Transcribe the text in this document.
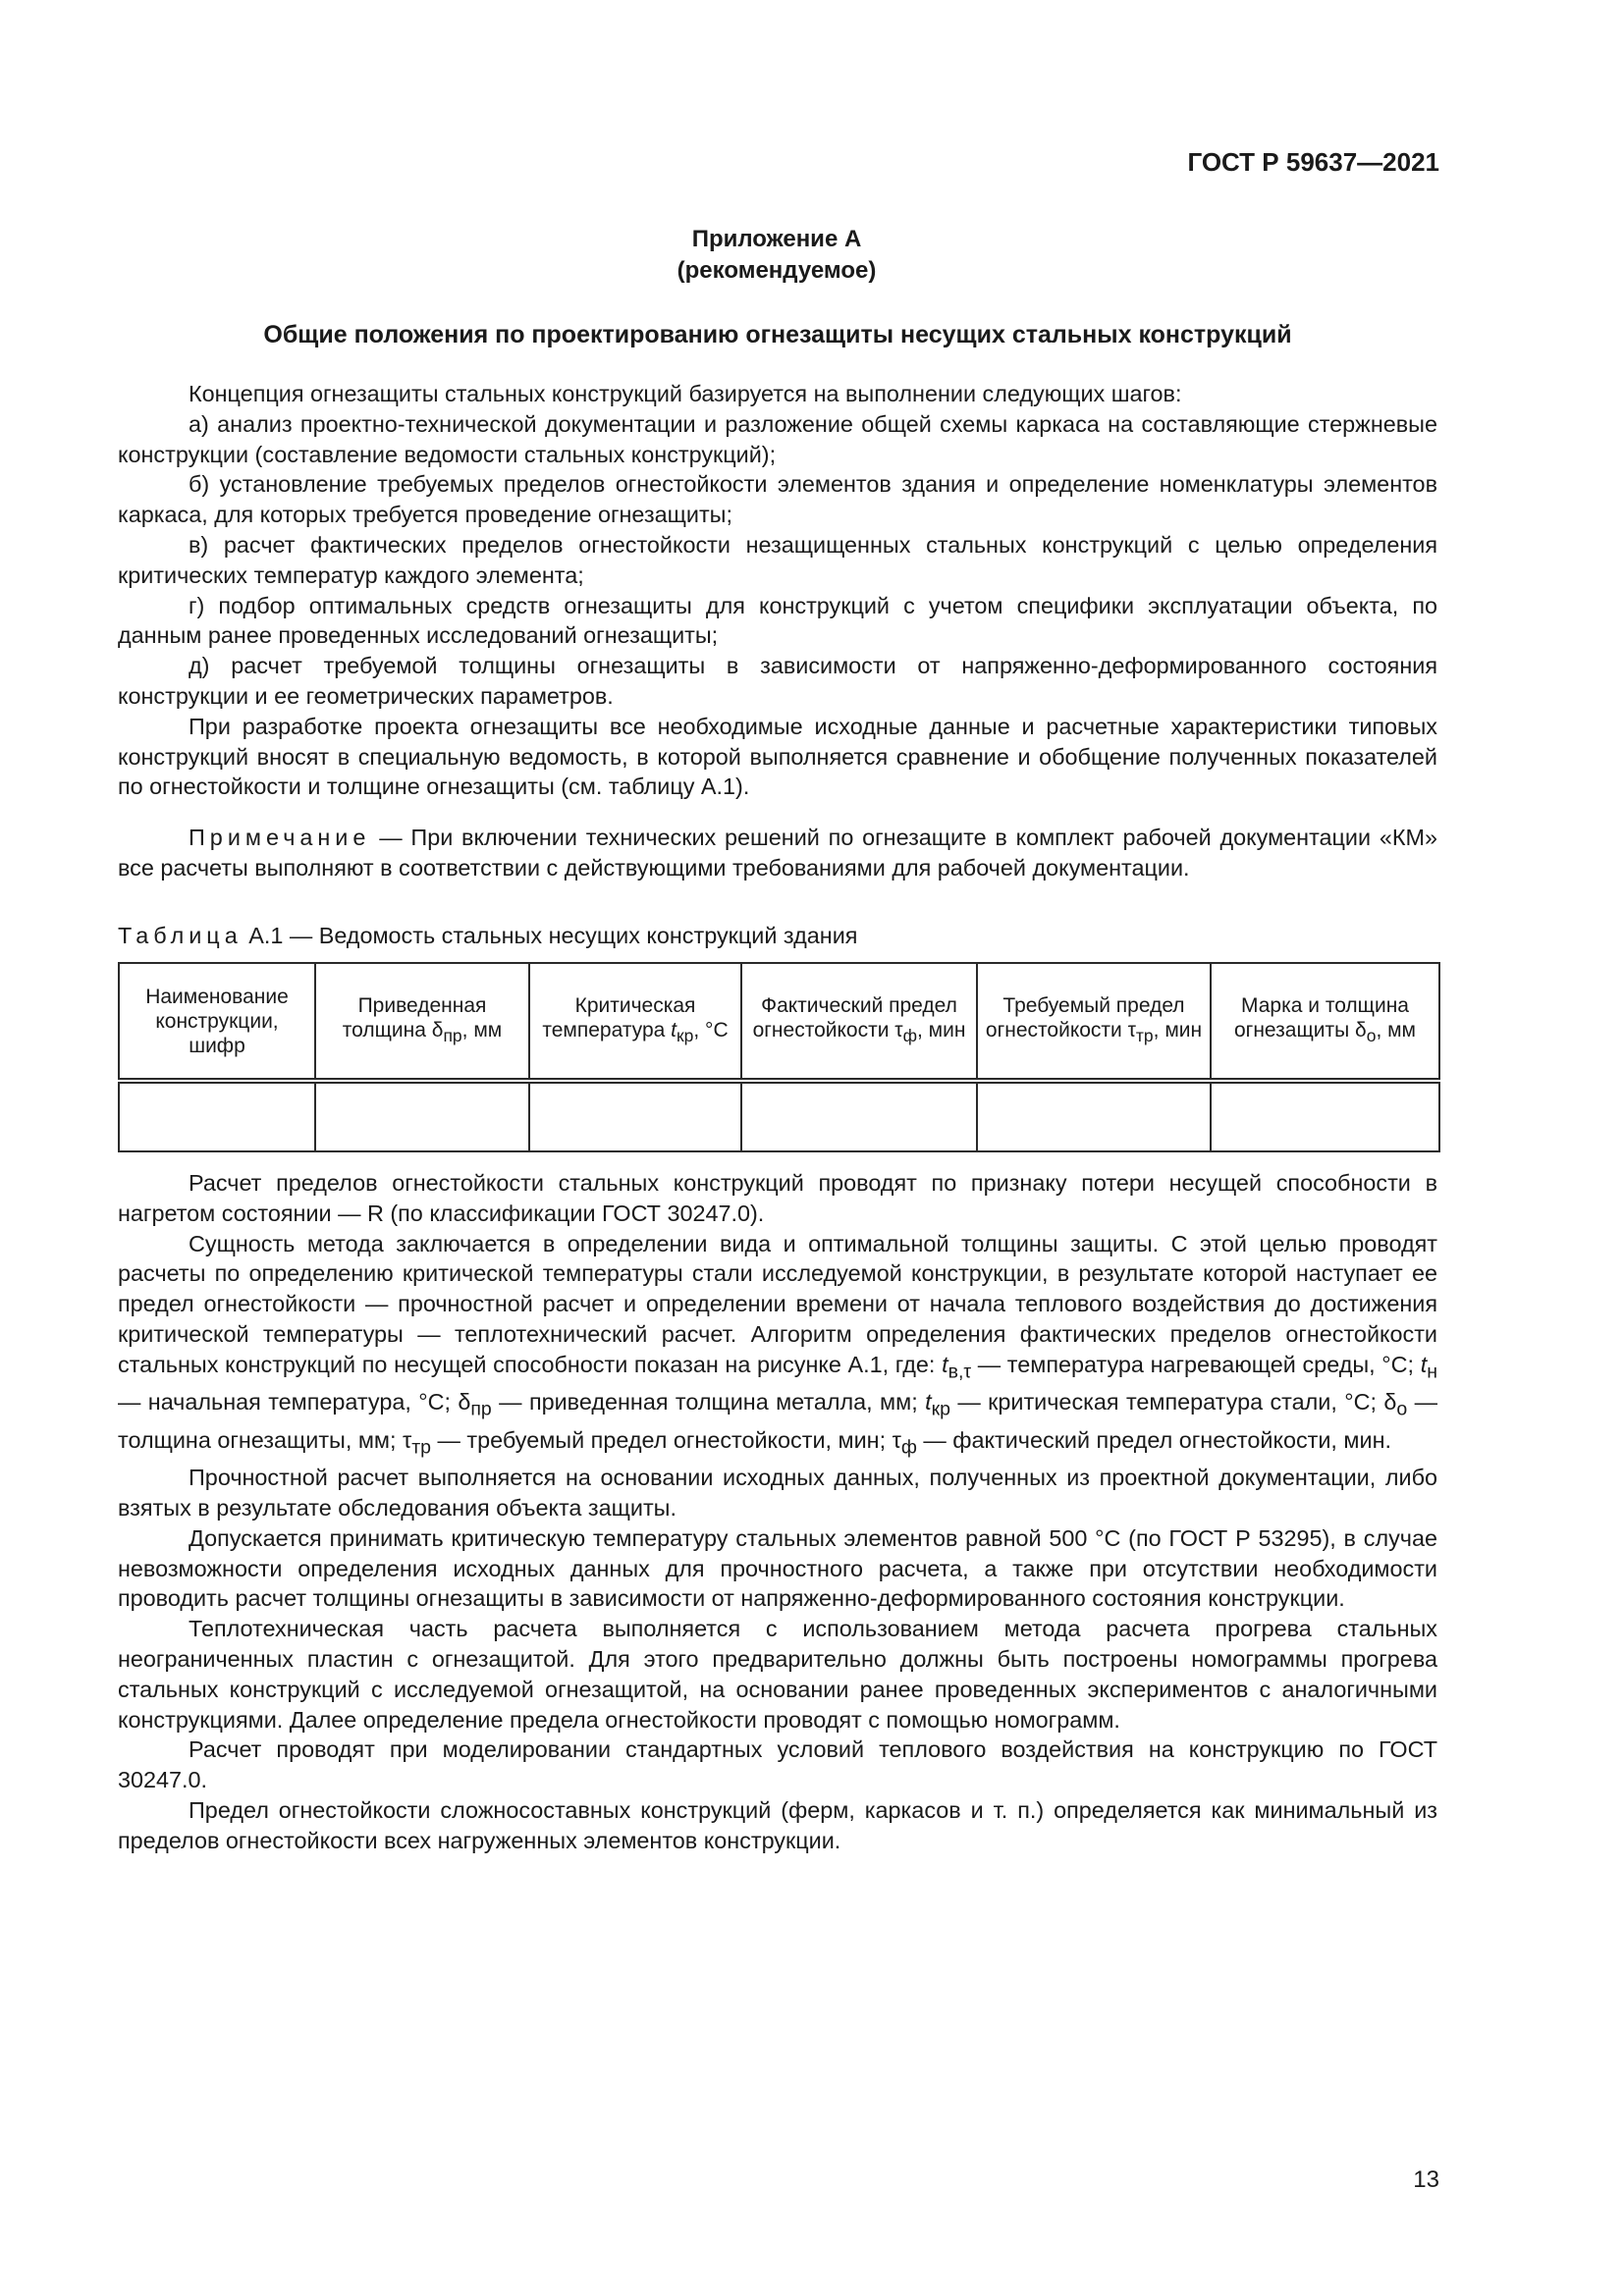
ГОСТ Р 59637—2021
Приложение А
(рекомендуемое)
Общие положения по проектированию огнезащиты несущих стальных конструкций

Концепция огнезащиты стальных конструкций базируется на выполнении следующих шагов:

а) анализ проектно-технической документации и разложение общей схемы каркаса на составляющие стержневые конструкции (составление ведомости стальных конструкций);

б) установление требуемых пределов огнестойкости элементов здания и определение номенклатуры элементов каркаса, для которых требуется проведение огнезащиты;

в) расчет фактических пределов огнестойкости незащищенных стальных конструкций с целью определения критических температур каждого элемента;

г) подбор оптимальных средств огнезащиты для конструкций с учетом специфики эксплуатации объекта, по данным ранее проведенных исследований огнезащиты;

д) расчет требуемой толщины огнезащиты в зависимости от напряженно-деформированного состояния конструкции и ее геометрических параметров.

При разработке проекта огнезащиты все необходимые исходные данные и расчетные характеристики типовых конструкций вносят в специальную ведомость, в которой выполняется сравнение и обобщение полученных показателей по огнестойкости и толщине огнезащиты (см. таблицу А.1).

Примечание — При включении технических решений по огнезащите в комплект рабочей документации «КМ» все расчеты выполняют в соответствии с действующими требованиями для рабочей документации.
Таблица А.1 — Ведомость стальных несущих конструкций здания
Наименование конструкции, шифр	Приведенная толщина $\delta_{пр}$, мм	Критическая температура $t_{кр}$, °С	Фактический предел огнестойкости $\tau_ф$, мин	Требуемый предел огнестойкости $\tau_{тр}$, мин	Марка и толщина огнезащиты $\delta_о$, мм

Расчет пределов огнестойкости стальных конструкций проводят по признаку потери несущей способности в нагретом состоянии — R (по классификации ГОСТ 30247.0).

Сущность метода заключается в определении вида и оптимальной толщины защиты. С этой целью проводят расчеты по определению критической температуры стали исследуемой конструкции, в результате которой наступает ее предел огнестойкости — прочностной расчет и определении времени от начала теплового воздействия до достижения критической температуры — теплотехнический расчет. Алгоритм определения фактических пределов огнестойкости стальных конструкций по несущей способности показан на рисунке А.1, где: $t_{в,\tau}$ — температура нагревающей среды, °С; $t_н$ — начальная температура, °С; $\delta_{пр}$ — приведенная толщина металла, мм; $t_{кр}$ — критическая температура стали, °С; $\delta_о$ — толщина огнезащиты, мм; $\tau_{тр}$ — требуемый предел огнестойкости, мин; $\tau_ф$ — фактический предел огнестойкости, мин.

Прочностной расчет выполняется на основании исходных данных, полученных из проектной документации, либо взятых в результате обследования объекта защиты.

Допускается принимать критическую температуру стальных элементов равной 500 °С (по ГОСТ Р 53295), в случае невозможности определения исходных данных для прочностного расчета, а также при отсутствии необходимости проводить расчет толщины огнезащиты в зависимости от напряженно-деформированного состояния конструкции.

Теплотехническая часть расчета выполняется с использованием метода расчета прогрева стальных неограниченных пластин с огнезащитой. Для этого предварительно должны быть построены номограммы прогрева стальных конструкций с исследуемой огнезащитой, на основании ранее проведенных экспериментов с аналогичными конструкциями. Далее определение предела огнестойкости проводят с помощью номограмм.

Расчет проводят при моделировании стандартных условий теплового воздействия на конструкцию по ГОСТ 30247.0.

Предел огнестойкости сложносоставных конструкций (ферм, каркасов и т. п.) определяется как минимальный из пределов огнестойкости всех нагруженных элементов конструкции.

13
